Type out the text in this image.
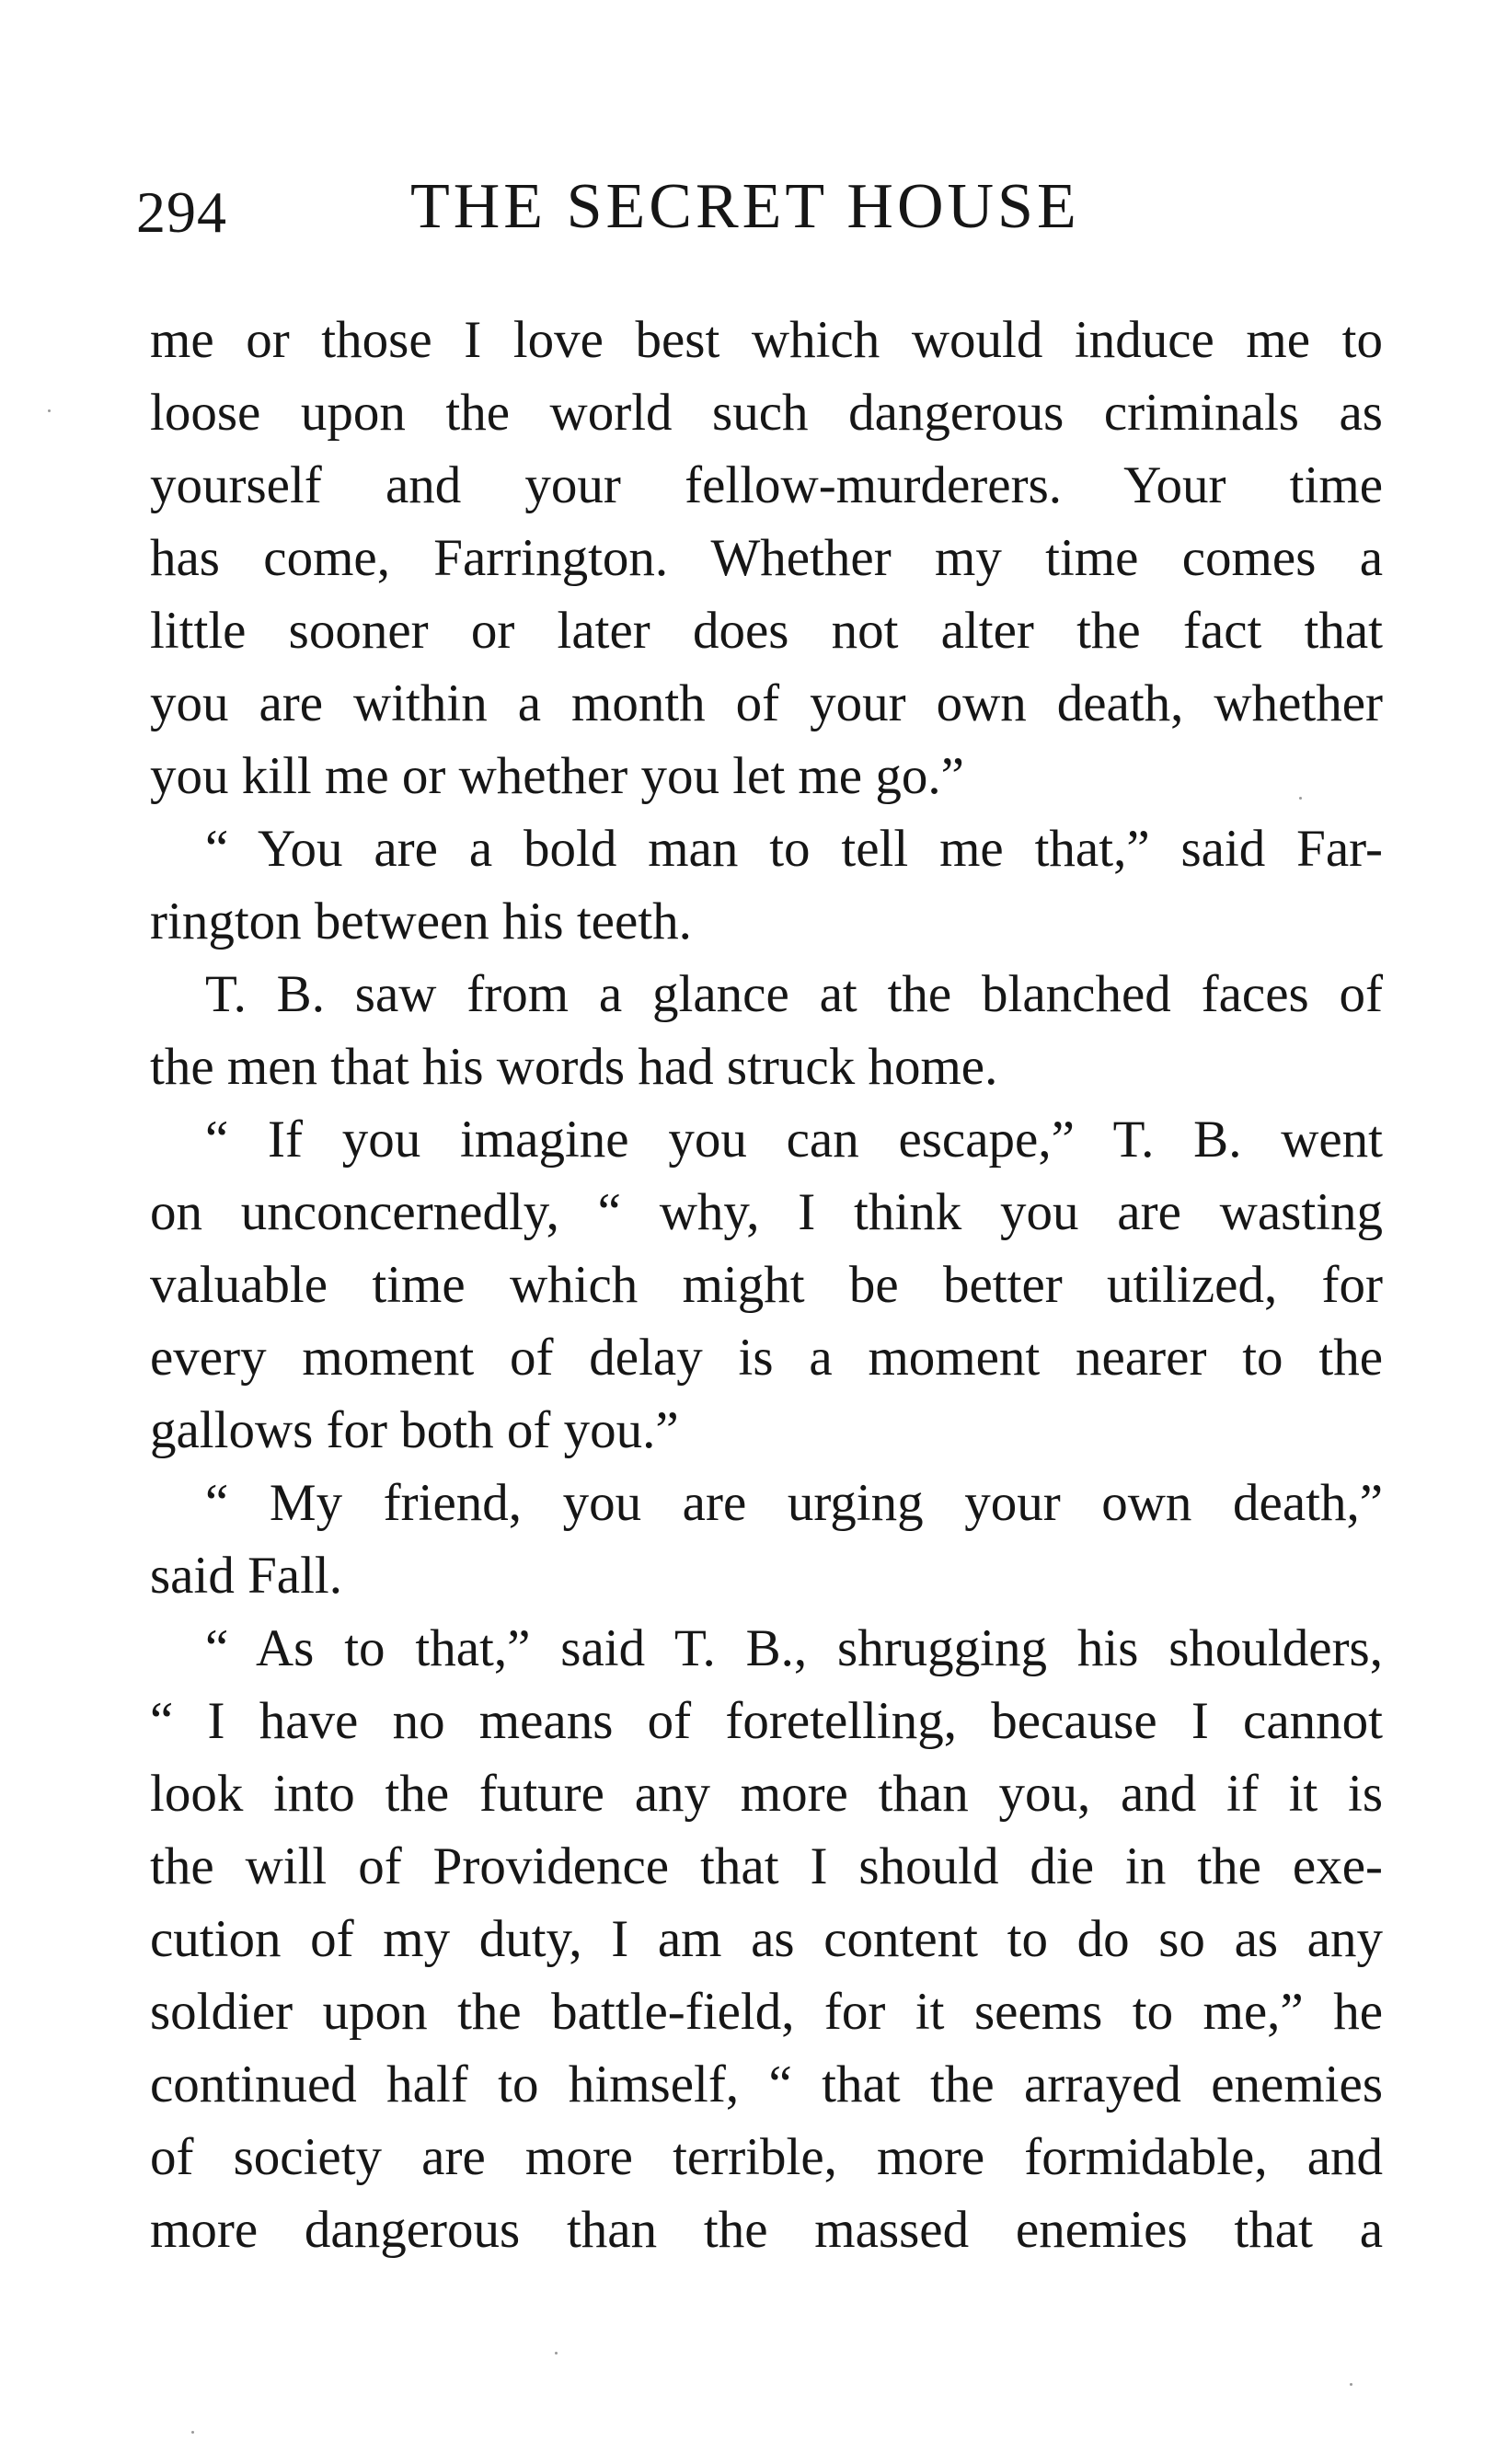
294	THE SECRET HOUSE
me or those I love best which would induce me to
loose upon the world such dangerous criminals as
yourself and your fellow-murderers. Your time
has come, Farrington. Whether my time comes a
little sooner or later does not alter the fact that
you are within a month of your own death, whether
you kill me or whether you let me go.”
“ You are a bold man to tell me that,” said Far-
rington between his teeth.
T. B. saw from a glance at the blanched faces of
the men that his words had struck home.
“ If you imagine you can escape,” T. B. went
on unconcernedly, “ why, I think you are wasting
valuable time which might be better utilized, for
every moment of delay is a moment nearer to the
gallows for both of you.”
“ My friend, you are urging your own death,”
said Fall.
“ As to that,” said T. B., shrugging his shoulders,
“ I have no means of foretelling, because I cannot
look into the future any more than you, and if it is
the will of Providence that I should die in the exe-
cution of my duty, I am as content to do so as any
soldier upon the battle-field, for it seems to me,” he
continued half to himself, “ that the arrayed enemies
of society are more terrible, more formidable, and
more dangerous than the massed enemies that a
